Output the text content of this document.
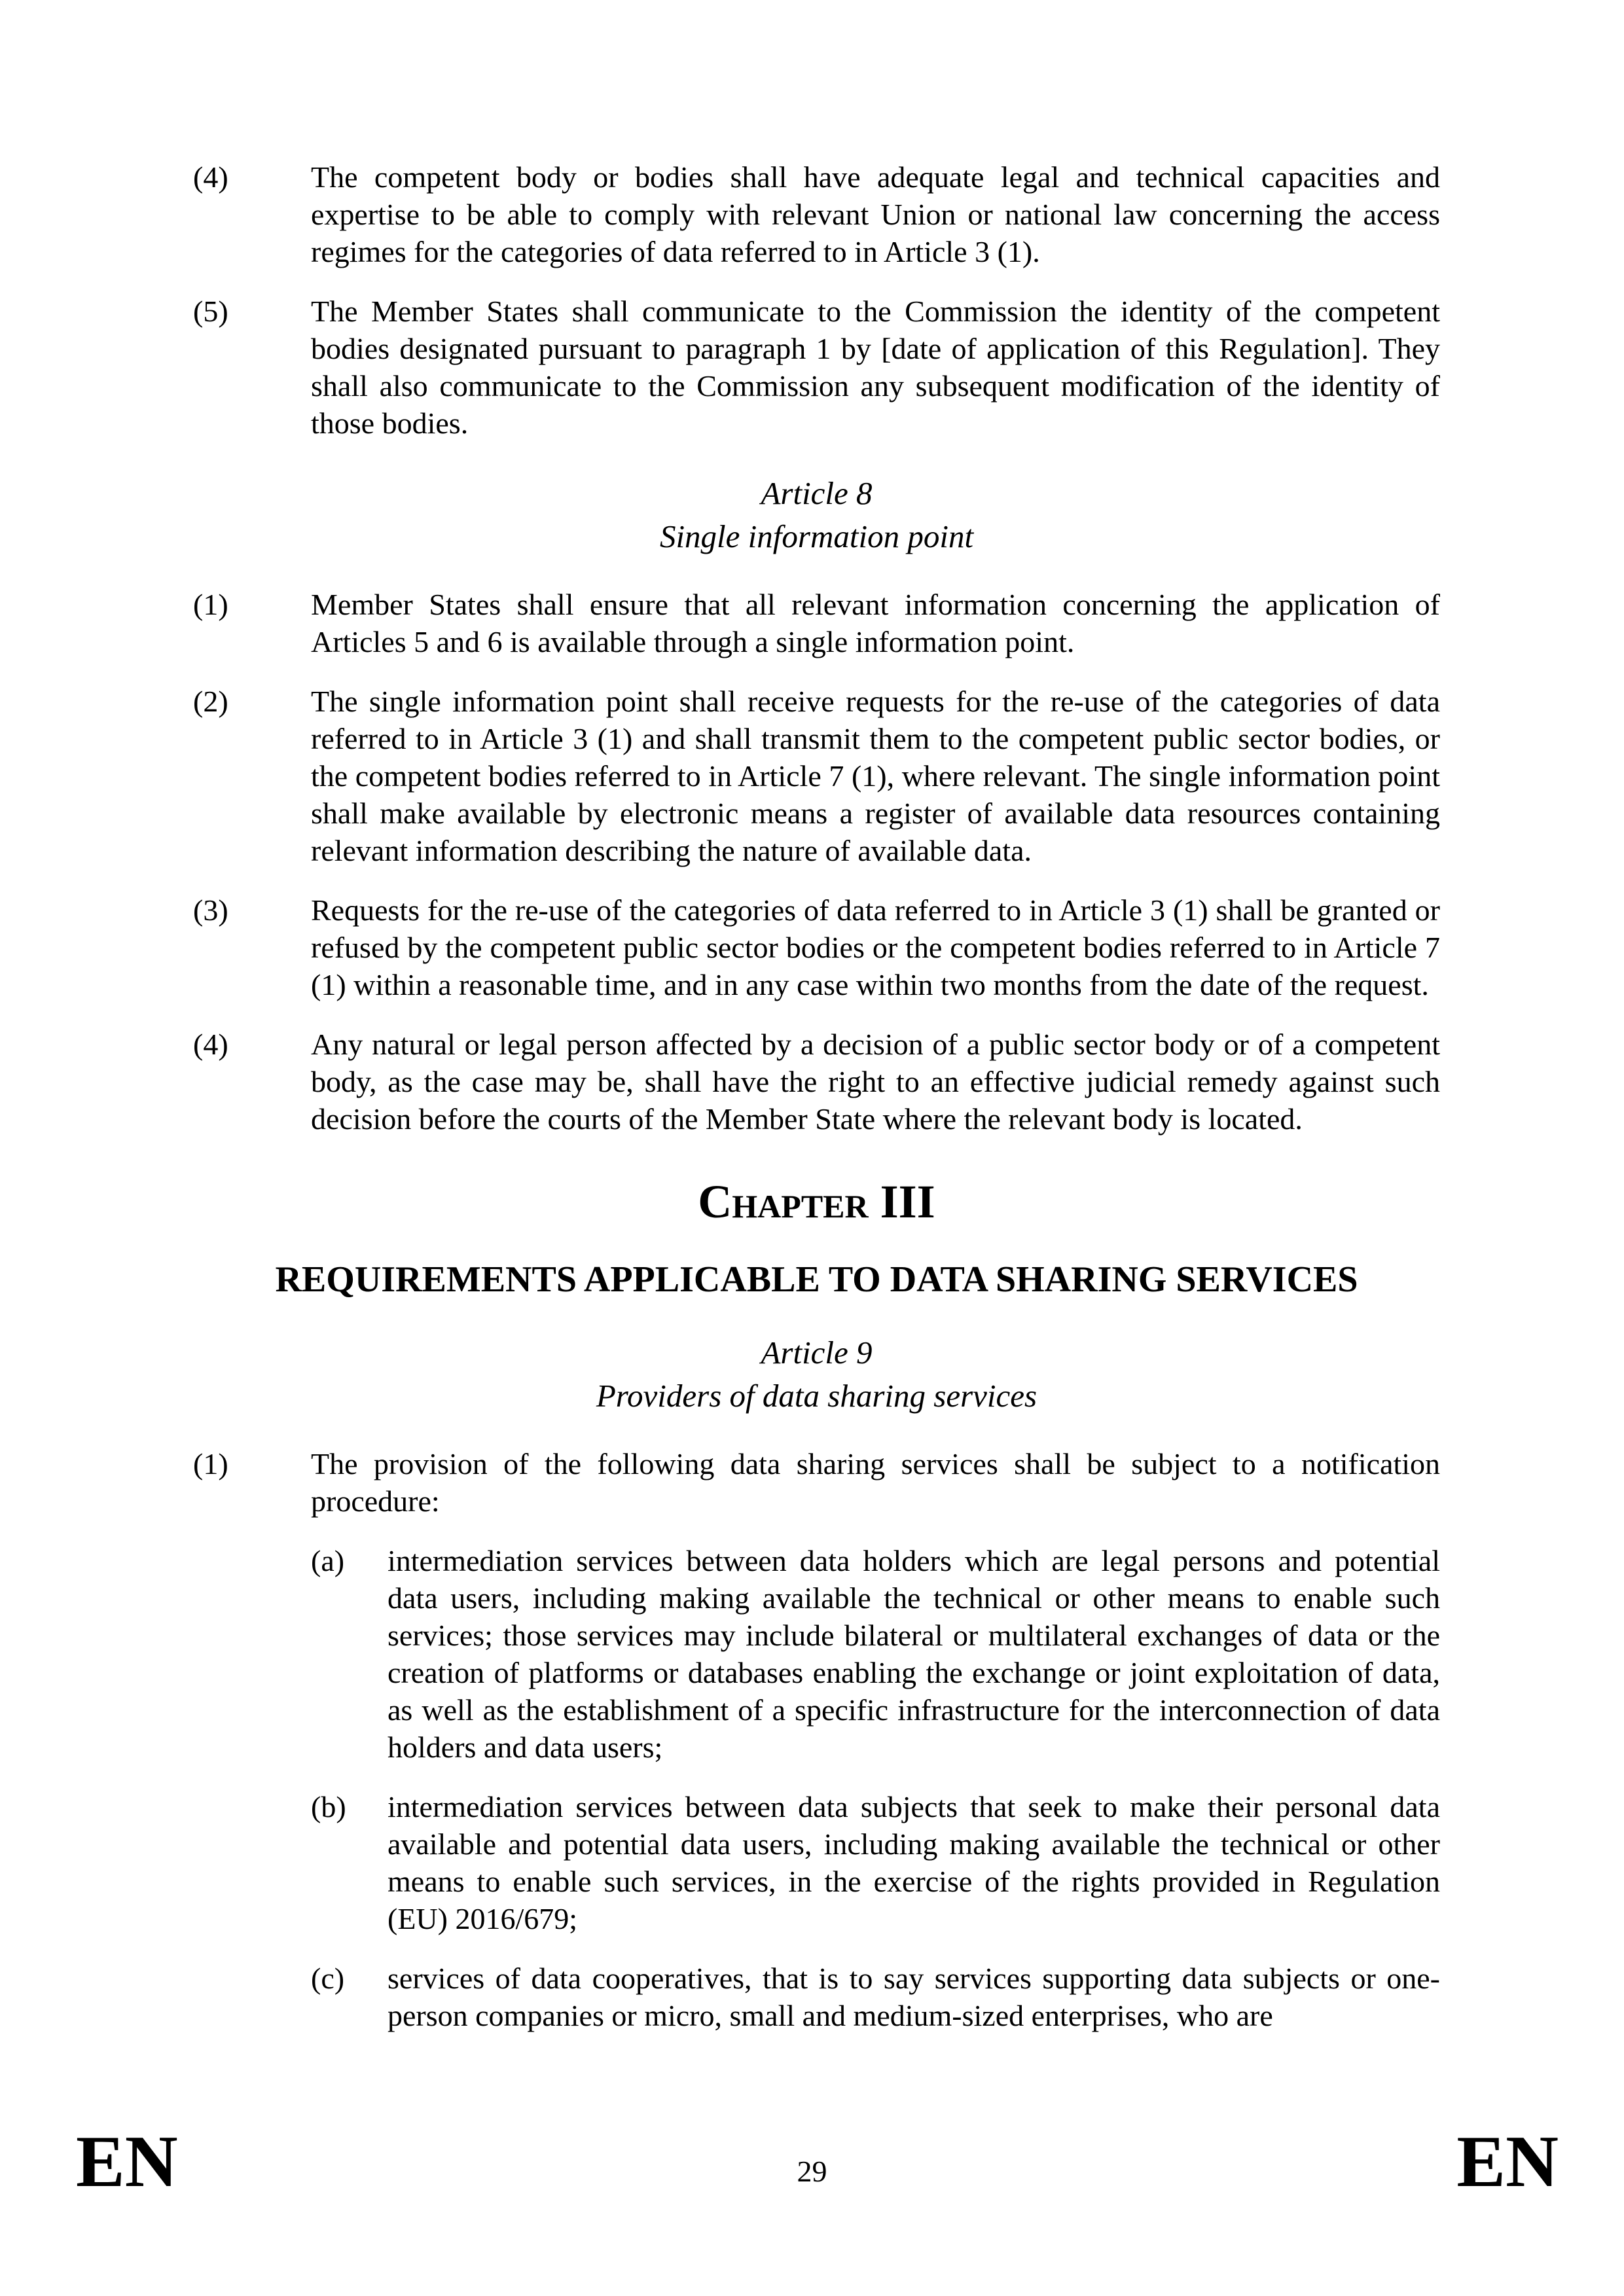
(4)	The competent body or bodies shall have adequate legal and technical capacities and expertise to be able to comply with relevant Union or national law concerning the access regimes for the categories of data referred to in Article 3 (1).
(5)	The Member States shall communicate to the Commission the identity of the competent bodies designated pursuant to paragraph 1 by [date of application of this Regulation]. They shall also communicate to the Commission any subsequent modification of the identity of those bodies.
Article 8
Single information point
(1)	Member States shall ensure that all relevant information concerning the application of Articles 5 and 6 is available through a single information point.
(2)	The single information point shall receive requests for the re-use of the categories of data referred to in Article 3 (1) and shall transmit them to the competent public sector bodies, or the competent bodies referred to in Article 7 (1), where relevant. The single information point shall make available by electronic means a register of available data resources containing relevant information describing the nature of available data.
(3)	Requests for the re-use of the categories of data referred to in Article 3 (1) shall be granted or refused by the competent public sector bodies or the competent bodies referred to in Article 7 (1) within a reasonable time, and in any case within two months from the date of the request.
(4)	Any natural or legal person affected by a decision of a public sector body or of a competent body, as the case may be, shall have the right to an effective judicial remedy against such decision before the courts of the Member State where the relevant body is located.
Chapter III
REQUIREMENTS APPLICABLE TO DATA SHARING SERVICES
Article 9
Providers of data sharing services
(1)	The provision of the following data sharing services shall be subject to a notification procedure:
(a)	intermediation services between data holders which are legal persons and potential data users, including making available the technical or other means to enable such services; those services may include bilateral or multilateral exchanges of data or the creation of platforms or databases enabling the exchange or joint exploitation of data, as well as the establishment of a specific infrastructure for the interconnection of data holders and data users;
(b)	intermediation services between data subjects that seek to make their personal data available and potential data users, including making available the technical or other means to enable such services, in the exercise of the rights provided in Regulation (EU) 2016/679;
(c)	services of data cooperatives, that is to say services supporting data subjects or one-person companies or micro, small and medium-sized enterprises, who are
EN	29	EN
